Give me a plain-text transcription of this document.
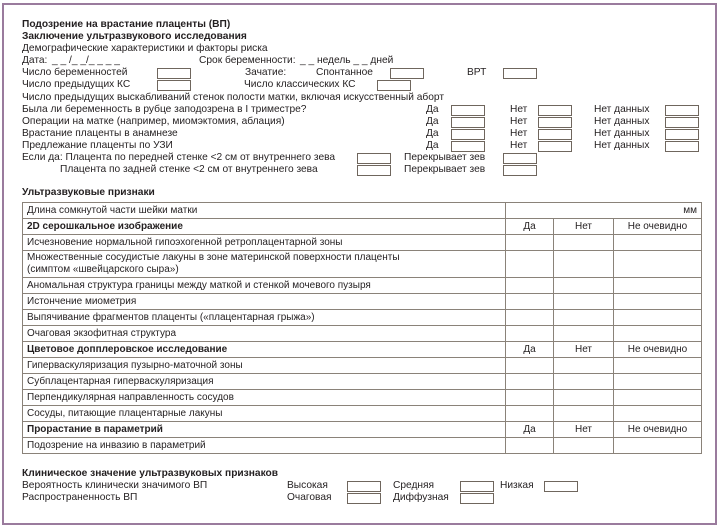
Подозрение на врастание плаценты (ВП)
Заключение ультразвукового исследования
Демографические характеристики и факторы риска
Дата: _ _ /_ _/_ _ _ _	Срок беременности: _ _ недель _ _ дней
Число беременностей	Зачатие:	Спонтанное	ВРТ
Число предыдущих КС	Число классических КС
Число предыдущих выскабливаний стенок полости матки, включая искусственный аборт
Была ли беременность в рубце заподозрена в I триместре?	Да	Нет	Нет данных
Операции на матке (например, миомэктомия, аблация)	Да	Нет	Нет данных
Врастание плаценты в анамнезе	Да	Нет	Нет данных
Предлежание плаценты по УЗИ	Да	Нет	Нет данных
Если да: Плацента по передней стенке <2 см от внутреннего зева	Перекрывает зев
Плацента по задней стенке <2 см от внутреннего зева	Перекрывает зев
Ультразвуковые признаки
Длина сомкнутой части шейки матки	мм		
2D серошкальное изображение	Да	Нет	Не очевидно
Исчезновение нормальной гипоэхогенной ретроплацентарной зоны			
Множественные сосудистые лакуны в зоне материнской поверхности плаценты
(симптом «швейцарского сыра»)			
Аномальная структура границы между маткой и стенкой мочевого пузыря			
Истончение миометрия			
Выпячивание фрагментов плаценты («плацентарная грыжа»)			
Очаговая экзофитная структура			
Цветовое допплеровское исследование	Да	Нет	Не очевидно
Гиперваскуляризация пузырно-маточной зоны			
Субплацентарная гиперваскуляризация			
Перпендикулярная направленность сосудов			
Сосуды, питающие плацентарные лакуны			
Прорастание в параметрий	Да	Нет	Не очевидно
Подозрение на инвазию в параметрий			
Клиническое значение ультразвуковых признаков
Вероятность клинически значимого ВП	Высокая	Средняя	Низкая
Распространенность ВП	Очаговая	Диффузная
